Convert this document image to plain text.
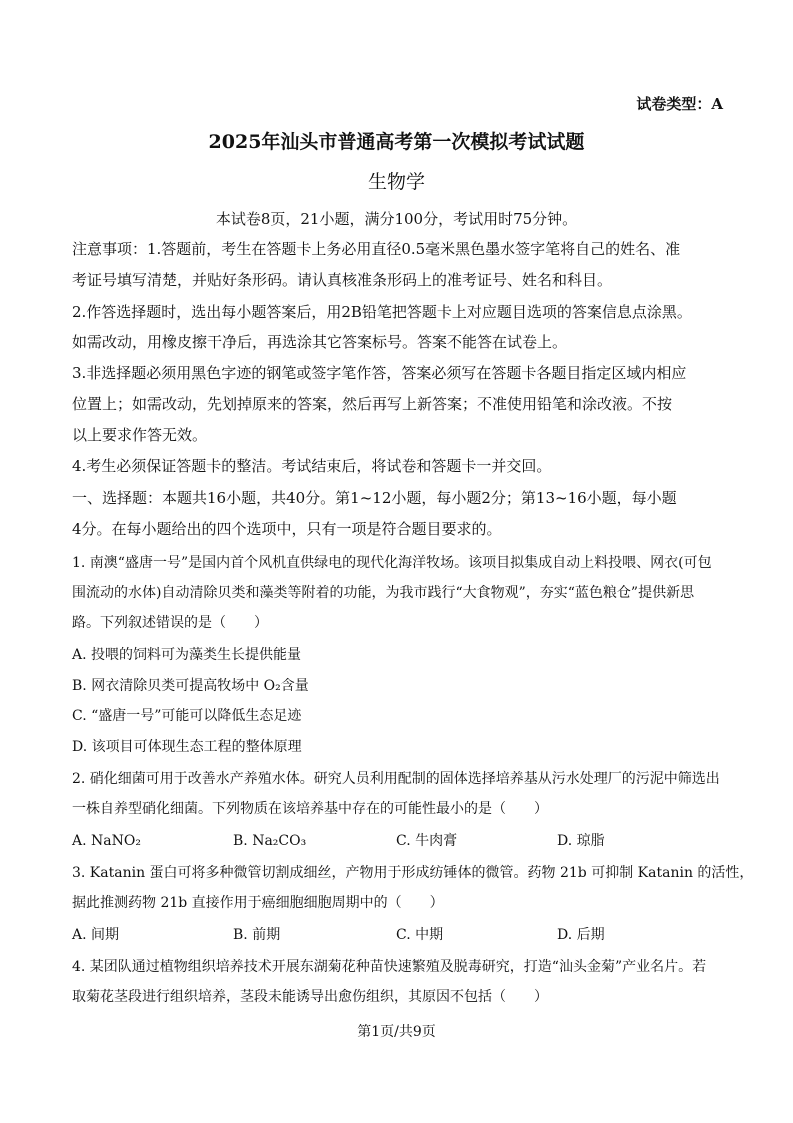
试卷类型：A
2025年汕头市普通高考第一次模拟考试试题
生物学
本试卷8页，21小题，满分100分，考试用时75分钟。
注意事项：1.答题前，考生在答题卡上务必用直径0.5毫米黑色墨水签字笔将自己的姓名、准
考证号填写清楚，并贴好条形码。请认真核准条形码上的准考证号、姓名和科目。
2.作答选择题时，选出每小题答案后，用2B铅笔把答题卡上对应题目选项的答案信息点涂黑。
如需改动，用橡皮擦干净后，再选涂其它答案标号。答案不能答在试卷上。
3.非选择题必须用黑色字迹的钢笔或签字笔作答，答案必须写在答题卡各题目指定区域内相应
位置上；如需改动，先划掉原来的答案，然后再写上新答案；不准使用铅笔和涂改液。不按
以上要求作答无效。
4.考生必须保证答题卡的整洁。考试结束后，将试卷和答题卡一并交回。
一、选择题：本题共16小题，共40分。第1~12小题，每小题2分；第13~16小题，每小题
4分。在每小题给出的四个选项中，只有一项是符合题目要求的。
1. 南澳“盛唐一号”是国内首个风机直供绿电的现代化海洋牧场。该项目拟集成自动上料投喂、网衣(可包
围流动的水体)自动清除贝类和藻类等附着的功能，为我市践行“大食物观”，夯实“蓝色粮仓”提供新思
路。下列叙述错误的是（　　）
A. 投喂的饲料可为藻类生长提供能量
B. 网衣清除贝类可提高牧场中 O₂含量
C. “盛唐一号”可能可以降低生态足迹
D. 该项目可体现生态工程的整体原理
2. 硝化细菌可用于改善水产养殖水体。研究人员利用配制的固体选择培养基从污水处理厂的污泥中筛选出
一株自养型硝化细菌。下列物质在该培养基中存在的可能性最小的是（　　）
A. NaNO₂	B. Na₂CO₃	C. 牛肉膏	D. 琼脂
3. Katanin 蛋白可将多种微管切割成细丝，产物用于形成纺锤体的微管。药物 21b 可抑制 Katanin 的活性，
据此推测药物 21b 直接作用于癌细胞细胞周期中的（　　）
A. 间期	B. 前期	C. 中期	D. 后期
4. 某团队通过植物组织培养技术开展东湖菊花种苗快速繁殖及脱毒研究，打造“汕头金菊”产业名片。若
取菊花茎段进行组织培养，茎段未能诱导出愈伤组织，其原因不包括（　　）
第1页/共9页
